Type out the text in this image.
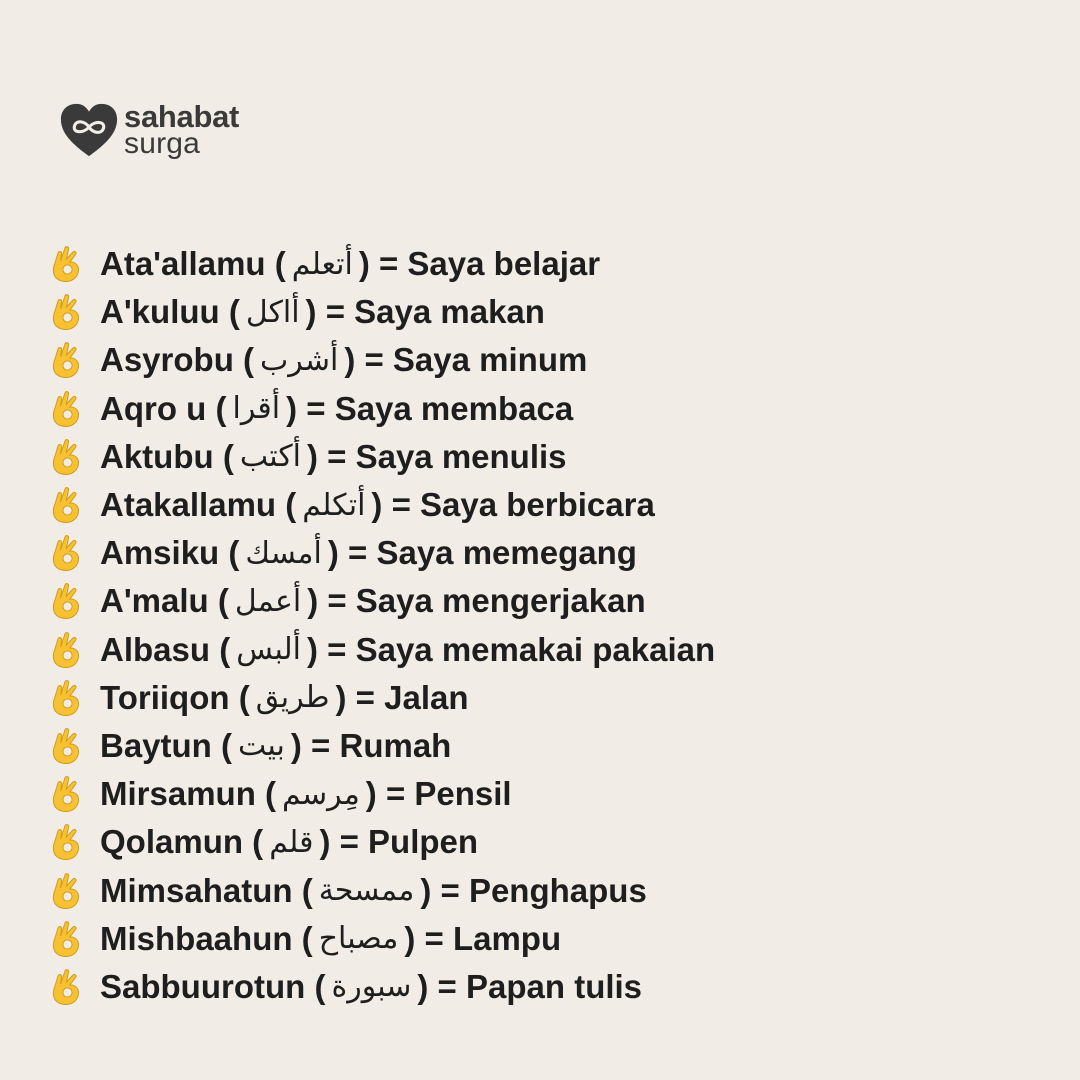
sahabat
surga
Ata'allamu ( أتعلم ) = Saya belajar
A'kuluu ( أاكل ) = Saya makan
Asyrobu ( أشرب ) = Saya minum
Aqro u ( أقرا ) = Saya membaca
Aktubu ( أكتب ) = Saya menulis
Atakallamu ( أتكلم ) = Saya berbicara
Amsiku ( أمسك ) = Saya memegang
A'malu ( أعمل ) = Saya mengerjakan
Albasu ( ألبس ) = Saya memakai pakaian
Toriiqon ( طريق ) = Jalan
Baytun ( بيت ) = Rumah
Mirsamun ( مِرسم ) = Pensil
Qolamun ( قلم ) = Pulpen
Mimsahatun ( ممسحة ) = Penghapus
Mishbaahun ( مصباح ) = Lampu
Sabbuurotun ( سبورة ) = Papan tulis
